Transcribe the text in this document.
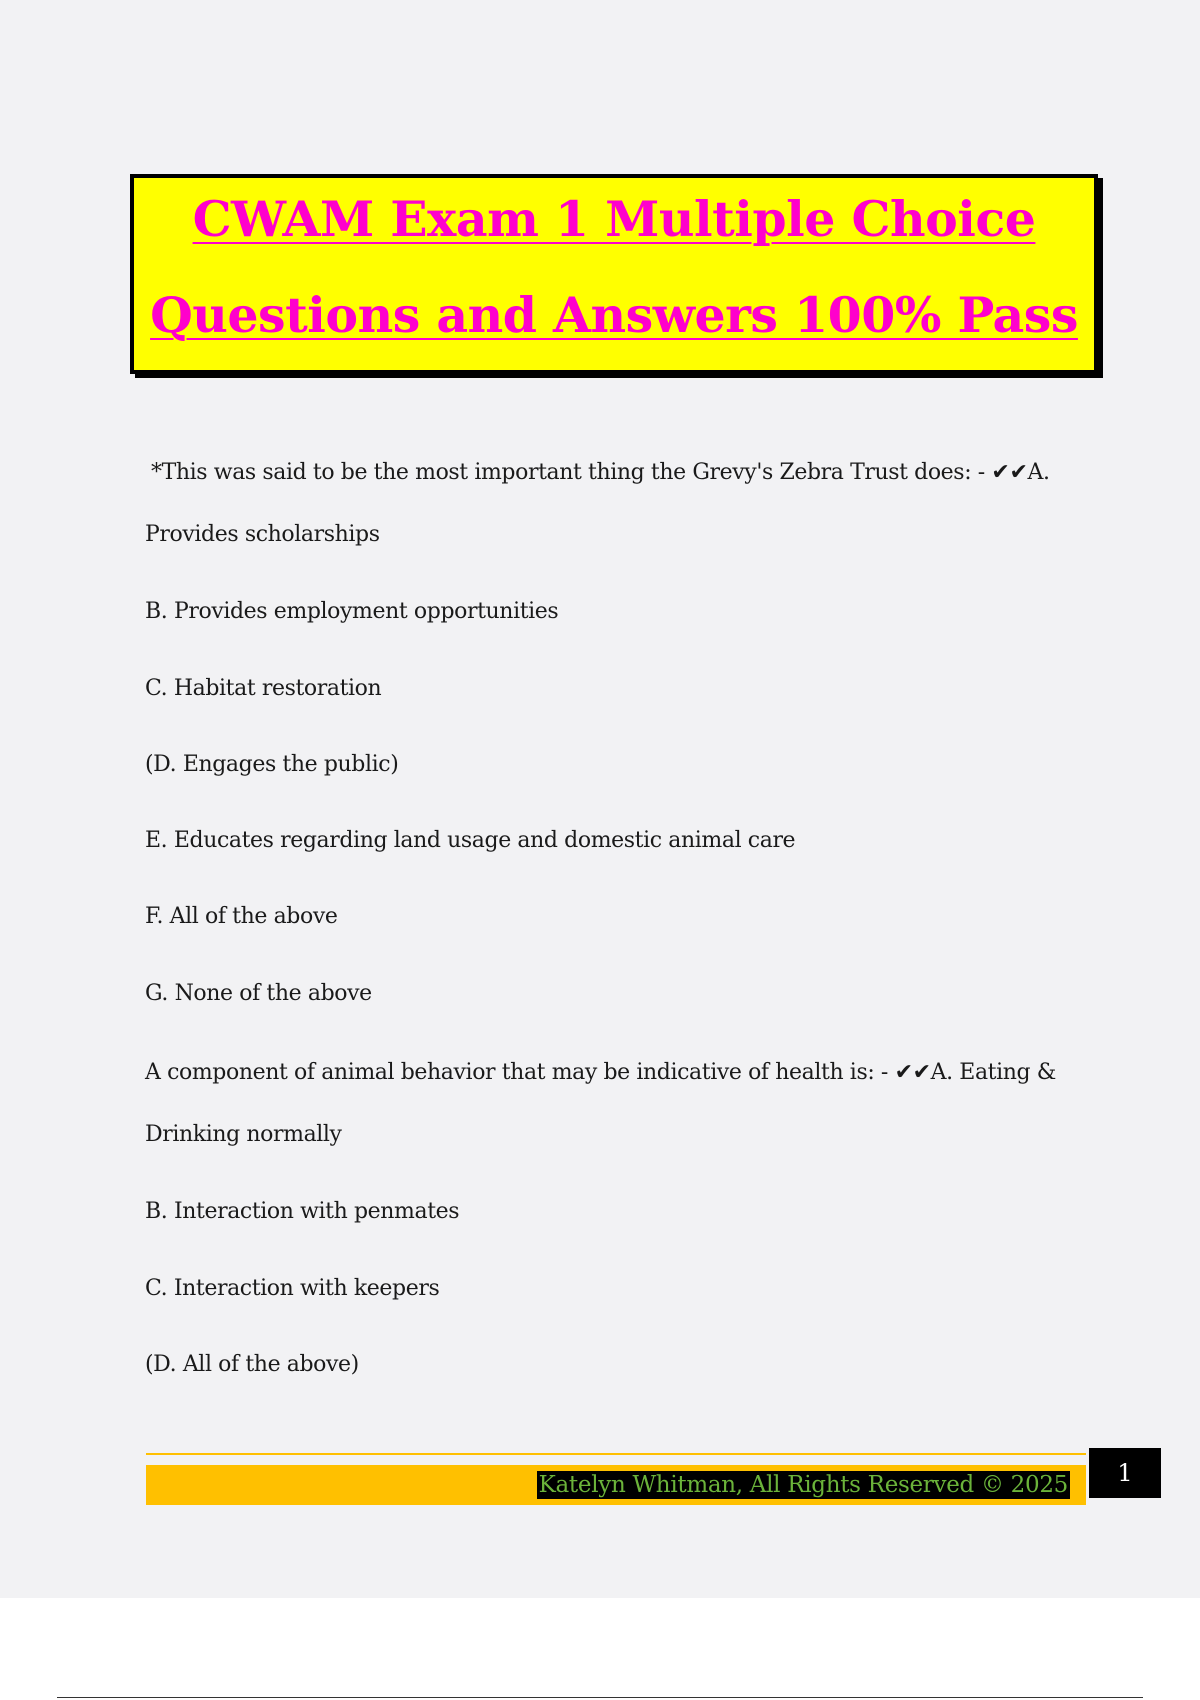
CWAM Exam 1 Multiple Choice
Questions and Answers 100% Pass
*This was said to be the most important thing the Grevy's Zebra Trust does: - ✔✔A.
Provides scholarships
B. Provides employment opportunities
C. Habitat restoration
(D. Engages the public)
E. Educates regarding land usage and domestic animal care
F. All of the above
G. None of the above
A component of animal behavior that may be indicative of health is: - ✔✔A. Eating &
Drinking normally
B. Interaction with penmates
C. Interaction with keepers
(D. All of the above)
Katelyn Whitman, All Rights Reserved © 2025	1
